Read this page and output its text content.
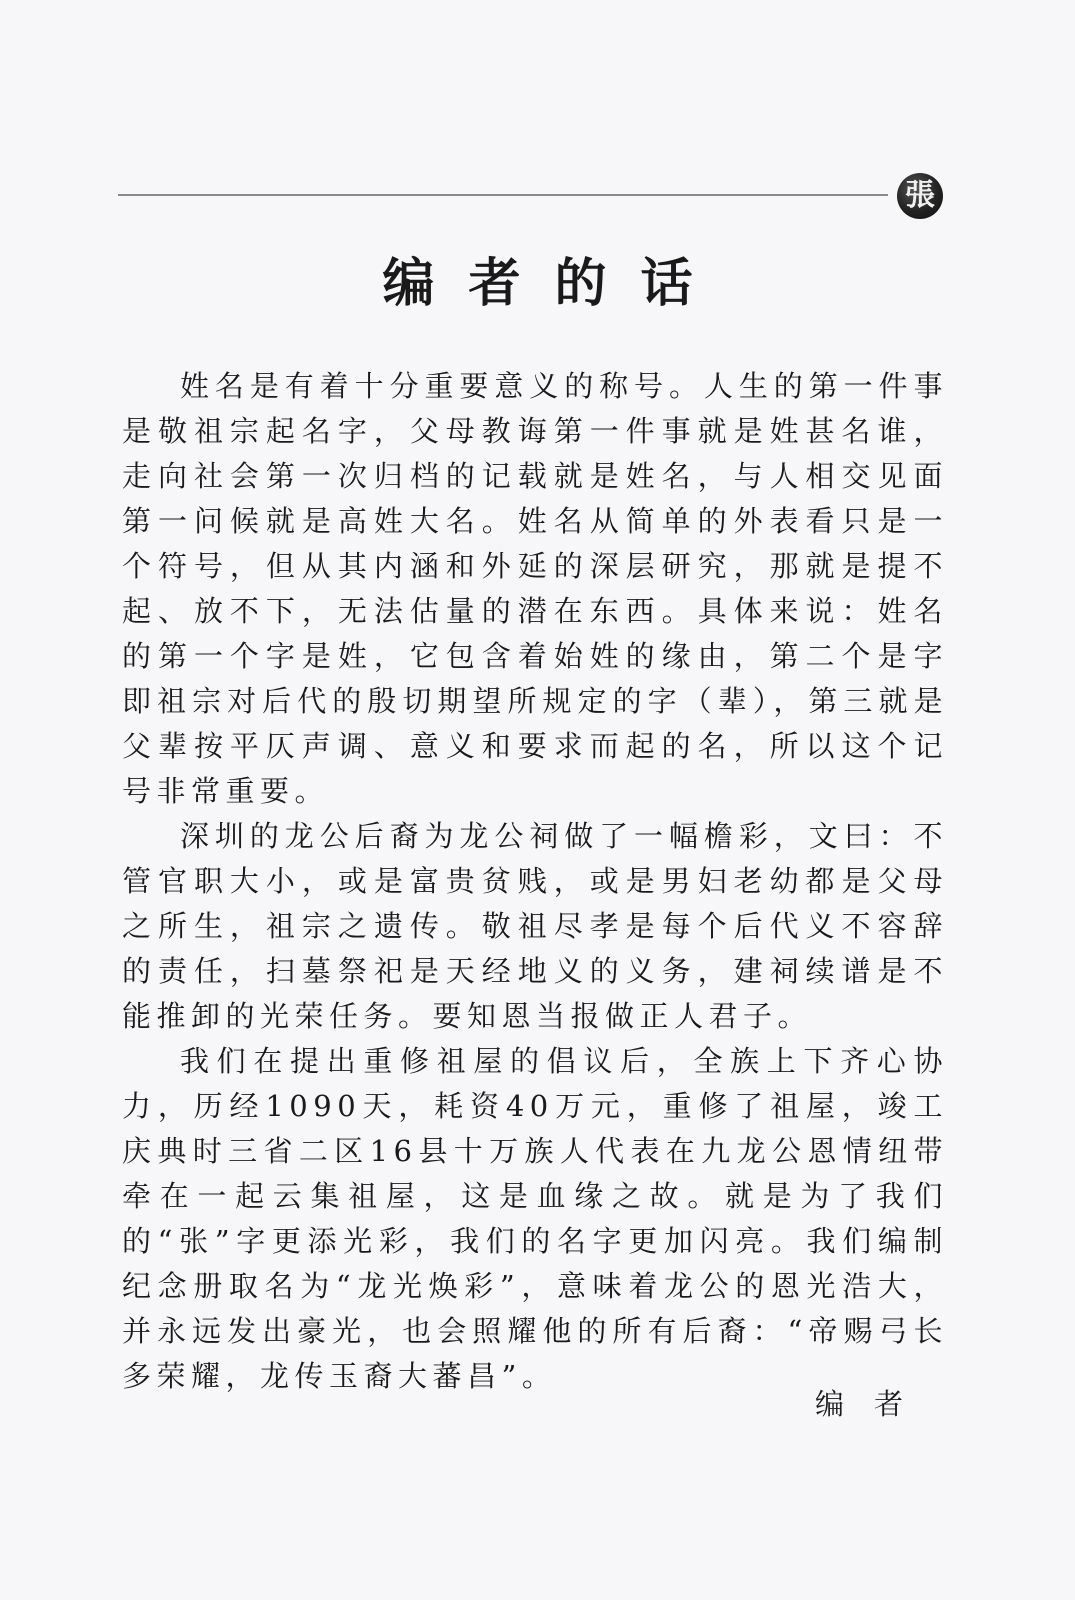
張
编者的话

姓名是有着十分重要意义的称号。人生的第一件事是敬祖宗起名字，父母教诲第一件事就是姓甚名谁，走向社会第一次归档的记载就是姓名，与人相交见面第一问候就是高姓大名。姓名从简单的外表看只是一个符号，但从其内涵和外延的深层研究，那就是提不起、放不下，无法估量的潜在东西。具体来说：姓名的第一个字是姓，它包含着始姓的缘由，第二个是字即祖宗对后代的殷切期望所规定的字（辈），第三就是父辈按平仄声调、意义和要求而起的名，所以这个记号非常重要。

深圳的龙公后裔为龙公祠做了一幅檐彩，文曰：不管官职大小，或是富贵贫贱，或是男妇老幼都是父母之所生，祖宗之遗传。敬祖尽孝是每个后代义不容辞的责任，扫墓祭祀是天经地义的义务，建祠续谱是不能推卸的光荣任务。要知恩当报做正人君子。

我们在提出重修祖屋的倡议后，全族上下齐心协力，历经1090天，耗资40万元，重修了祖屋，竣工庆典时三省二区16县十万族人代表在九龙公恩情纽带牵在一起云集祖屋，这是血缘之故。就是为了我们的“张”字更添光彩，我们的名字更加闪亮。我们编制纪念册取名为“龙光焕彩”，意味着龙公的恩光浩大，并永远发出豪光，也会照耀他的所有后裔：“帝赐弓长多荣耀，龙传玉裔大蕃昌”。

编者
